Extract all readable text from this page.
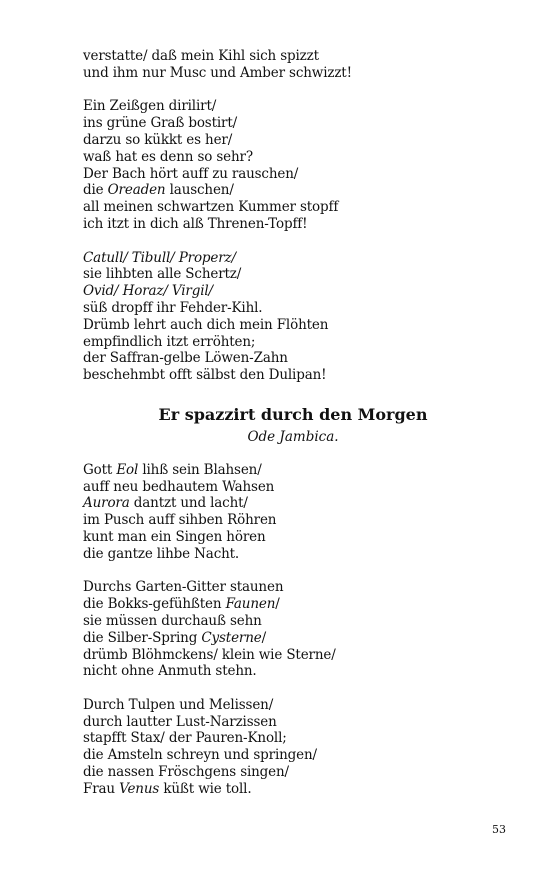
verstatte/ daß mein Kihl sich spizzt
und ihm nur Musc und Amber schwizzt!
Ein Zeißgen dirilirt/
ins grüne Graß bostirt/
darzu so kükkt es her/
waß hat es denn so sehr?
Der Bach hört auff zu rauschen/
die Oreaden lauschen/
all meinen schwartzen Kummer stopff
ich itzt in dich alß Threnen-Topff!
Catull/ Tibull/ Properz/
sie lihbten alle Schertz/
Ovid/ Horaz/ Virgil/
süß dropff ihr Fehder-Kihl.
Drümb lehrt auch dich mein Flöhten
empfindlich itzt erröhten;
der Saffran-gelbe Löwen-Zahn
beschehmbt offt sälbst den Dulipan!
Er spazzirt durch den Morgen
Ode Jambica.
Gott Eol lihß sein Blahsen/
auff neu bedhautem Wahsen
Aurora dantzt und lacht/
im Pusch auff sihben Röhren
kunt man ein Singen hören
die gantze lihbe Nacht.
Durchs Garten-Gitter staunen
die Bokks-gefühßten Faunen/
sie müssen durchauß sehn
die Silber-Spring Cysterne/
drümb Blöhmckens/ klein wie Sterne/
nicht ohne Anmuth stehn.
Durch Tulpen und Melissen/
durch lautter Lust-Narzissen
stapfft Stax/ der Pauren-Knoll;
die Amsteln schreyn und springen/
die nassen Fröschgens singen/
Frau Venus küßt wie toll.
53
